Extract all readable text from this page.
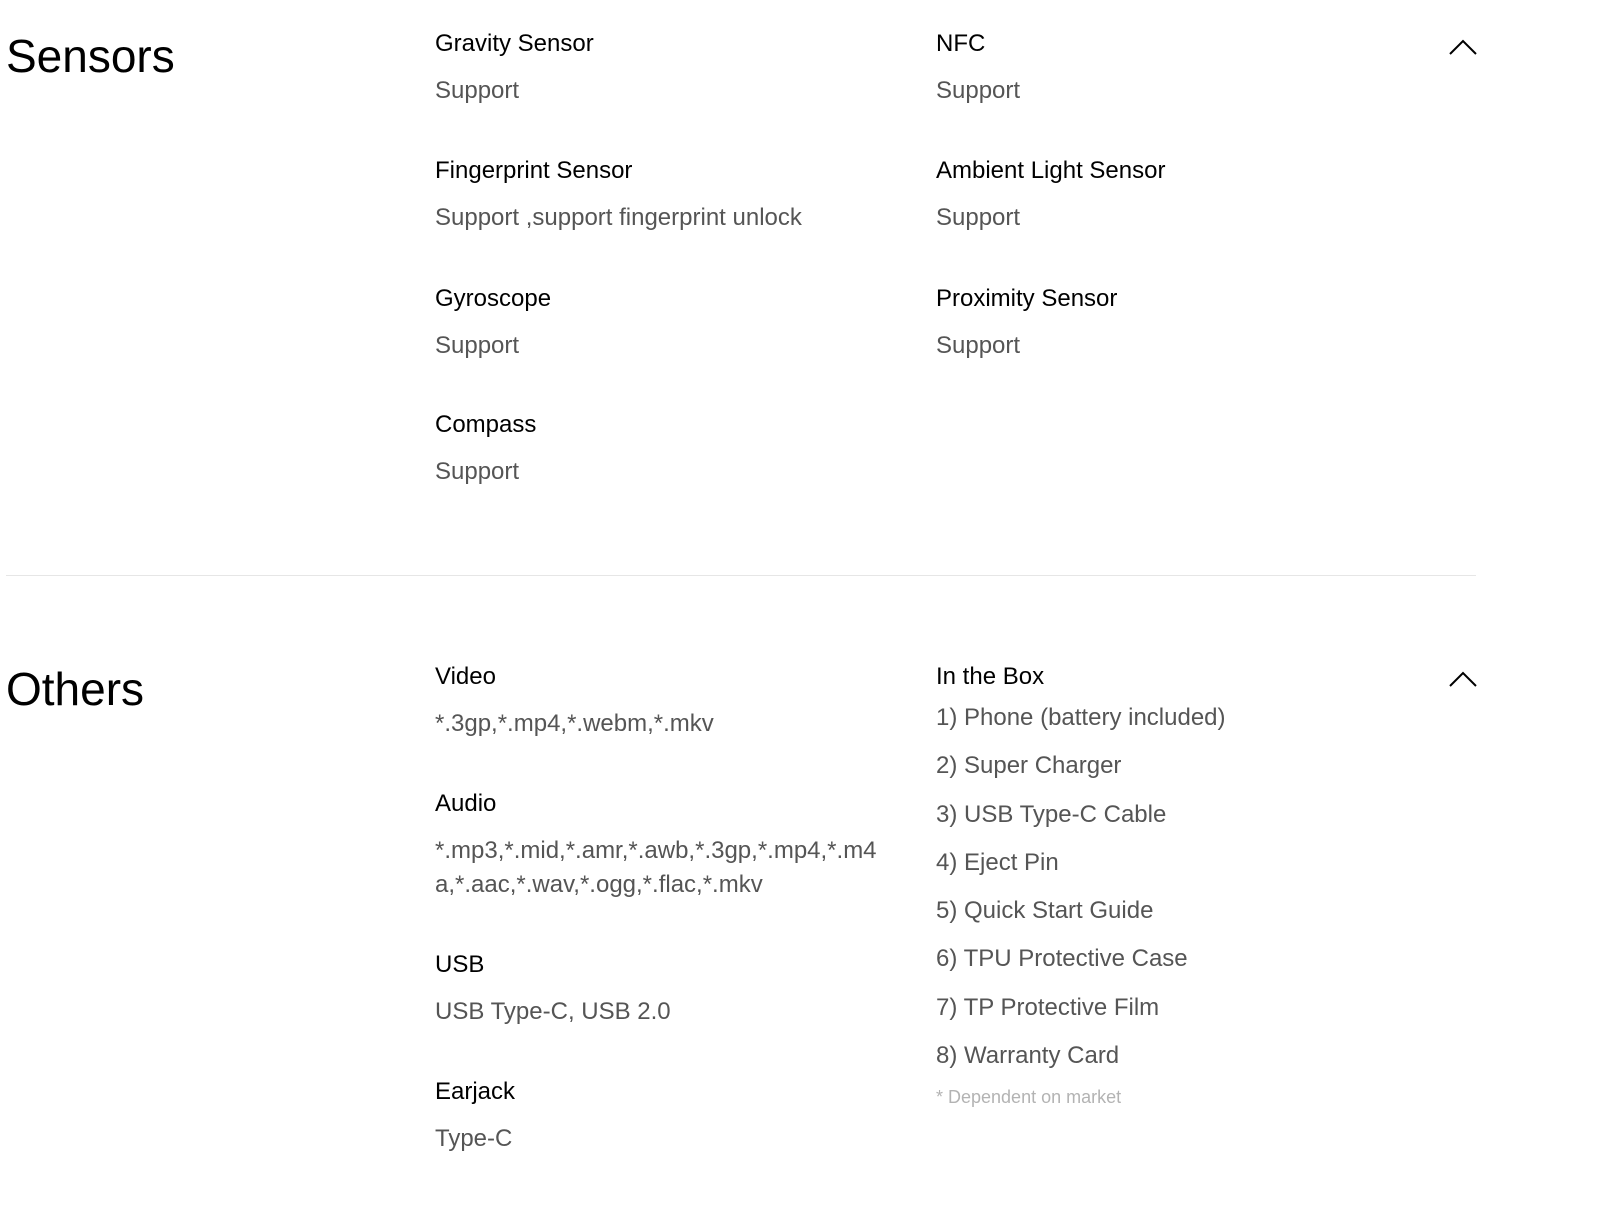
Sensors	Gravity Sensor
Support
Fingerprint Sensor
Support ,support fingerprint unlock
Gyroscope
Support
Compass
Support
NFC
Support
Ambient Light Sensor
Support
Proximity Sensor
Support
Others	Video
*.3gp,*.mp4,*.webm,*.mkv
Audio
*.mp3,*.mid,*.amr,*.awb,*.3gp,*.mp4,*.m4a,*.aac,*.wav,*.ogg,*.flac,*.mkv
USB
USB Type-C, USB 2.0
Earjack
Type-C
In the Box
1) Phone (battery included)
2) Super Charger
3) USB Type-C Cable
4) Eject Pin
5) Quick Start Guide
6) TPU Protective Case
7) TP Protective Film
8) Warranty Card
* Dependent on market
